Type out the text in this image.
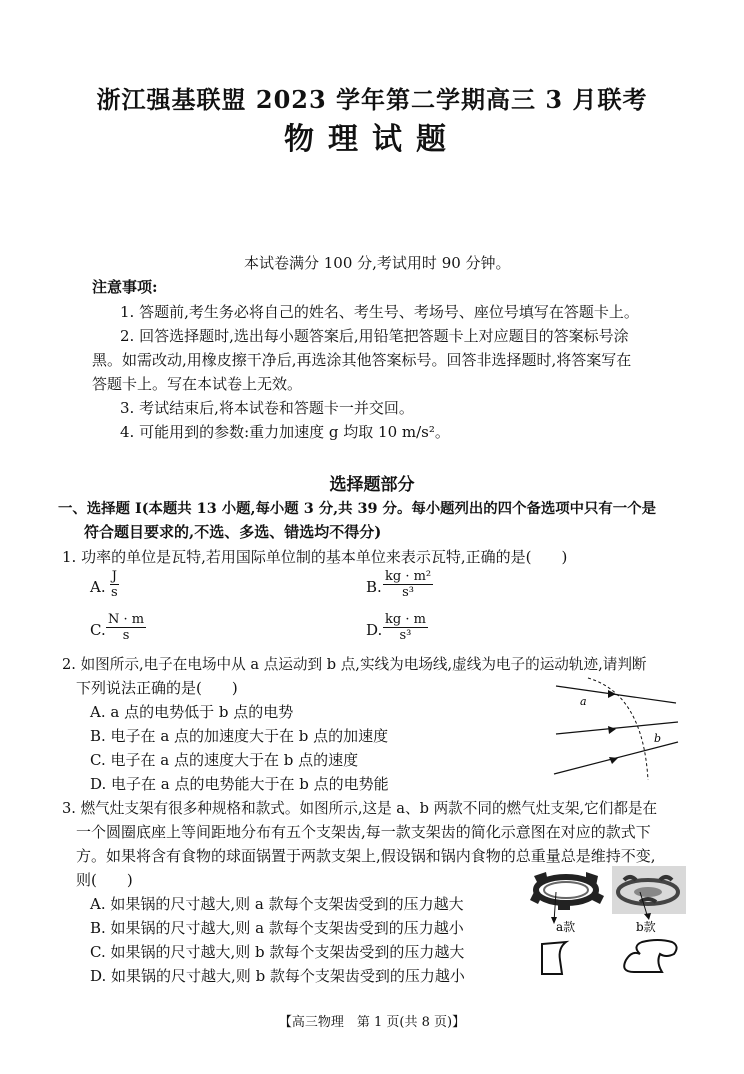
浙江强基联盟 2023 学年第二学期高三 3 月联考
物理试题
本试卷满分 100 分,考试用时 90 分钟。
注意事项:
1. 答题前,考生务必将自己的姓名、考生号、考场号、座位号填写在答题卡上。
2. 回答选择题时,选出每小题答案后,用铅笔把答题卡上对应题目的答案标号涂
黑。如需改动,用橡皮擦干净后,再选涂其他答案标号。回答非选择题时,将答案写在
答题卡上。写在本试卷上无效。
3. 考试结束后,将本试卷和答题卡一并交回。
4. 可能用到的参数:重力加速度 g 均取 10 m/s²。
选择题部分
一、选择题 Ⅰ(本题共 13 小题,每小题 3 分,共 39 分。每小题列出的四个备选项中只有一个是
符合题目要求的,不选、多选、错选均不得分)
1. 功率的单位是瓦特,若用国际单位制的基本单位来表示瓦特,正确的是(　　)
A. $\frac{J}{s}$	B. $\frac{\text{kg · m²}}{\text{s³}}$
C. $\frac{N \cdot m}{s}$	D. $\frac{kg \cdot m}{\text{s³}}$
2. 如图所示,电子在电场中从 a 点运动到 b 点,实线为电场线,虚线为电子的运动轨迹,请判断
下列说法正确的是(　　)
A. a 点的电势低于 b 点的电势
B. 电子在 a 点的加速度大于在 b 点的加速度
C. 电子在 a 点的速度大于在 b 点的速度
D. 电子在 a 点的电势能大于在 b 点的电势能
a
b
3. 燃气灶支架有很多种规格和款式。如图所示,这是 a、b 两款不同的燃气灶支架,它们都是在
一个圆圈底座上等间距地分布有五个支架齿,每一款支架齿的简化示意图在对应的款式下
方。如果将含有食物的球面锅置于两款支架上,假设锅和锅内食物的总重量总是维持不变,
则(　　)
A. 如果锅的尺寸越大,则 a 款每个支架齿受到的压力越大
B. 如果锅的尺寸越大,则 a 款每个支架齿受到的压力越小
C. 如果锅的尺寸越大,则 b 款每个支架齿受到的压力越大
D. 如果锅的尺寸越大,则 b 款每个支架齿受到的压力越小
a款	b款
【高三物理　第 1 页(共 8 页)】
